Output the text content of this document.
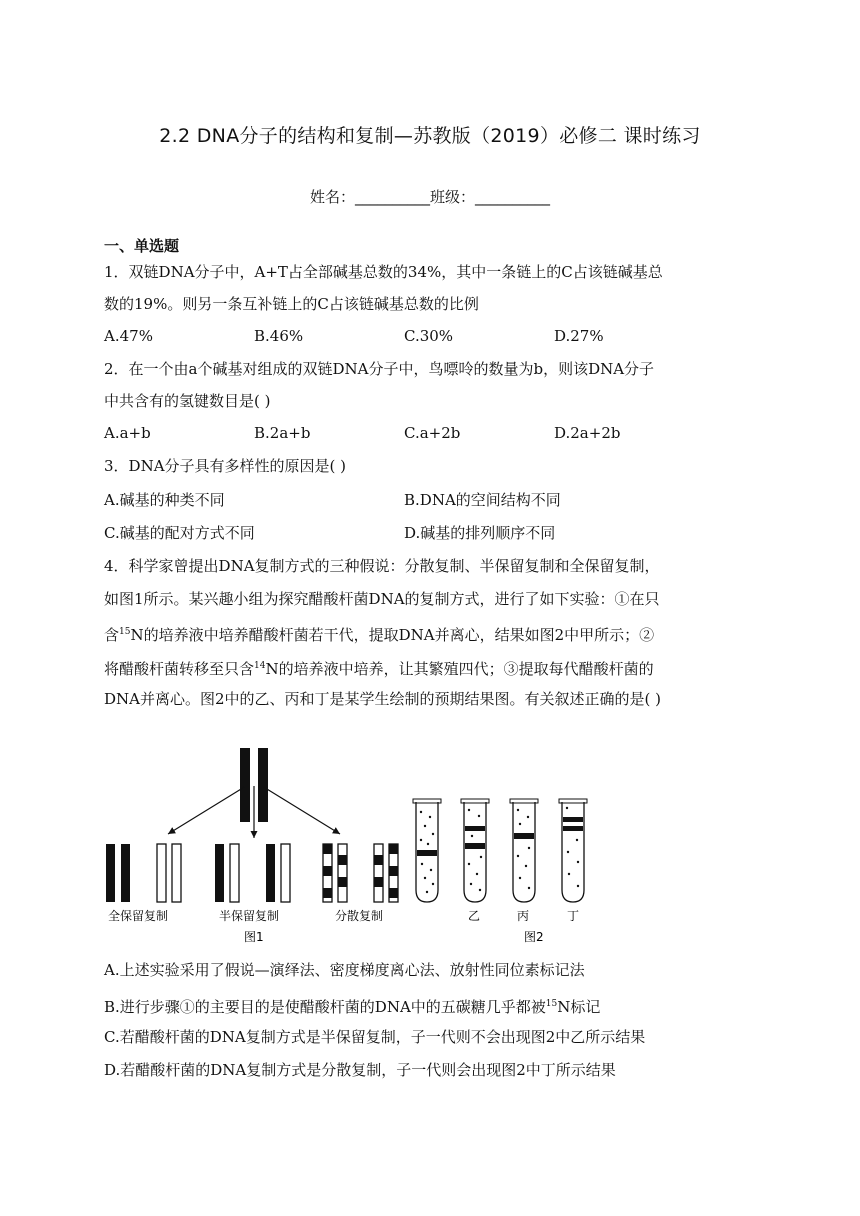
2.2 DNA分子的结构和复制—苏教版（2019）必修二 课时练习
姓名：__________班级：__________
一、单选题
1．双链DNA分子中，A+T占全部碱基总数的34%，其中一条链上的C占该链碱基总
数的19%。则另一条互补链上的C占该链碱基总数的比例
A.47%	B.46%	C.30%	D.27%
2．在一个由a个碱基对组成的双链DNA分子中，鸟嘌呤的数量为b，则该DNA分子
中共含有的氢键数目是( )
A.a+b	B.2a+b	C.a+2b	D.2a+2b
3．DNA分子具有多样性的原因是( )
A.碱基的种类不同	B.DNA的空间结构不同
C.碱基的配对方式不同	D.碱基的排列顺序不同
4．科学家曾提出DNA复制方式的三种假说：分散复制、半保留复制和全保留复制，
如图1所示。某兴趣小组为探究醋酸杆菌DNA的复制方式，进行了如下实验：①在只
含$^{15}$N的培养液中培养醋酸杆菌若干代，提取DNA并离心，结果如图2中甲所示；②
将醋酸杆菌转移至只含$^{14}$N的培养液中培养，让其繁殖四代；③提取每代醋酸杆菌的
DNA并离心。图2中的乙、丙和丁是某学生绘制的预期结果图。有关叙述正确的是( )
全保留复制	半保留复制	分散复制
图1
乙	丙	丁
图2
A.上述实验采用了假说—演绎法、密度梯度离心法、放射性同位素标记法
B.进行步骤①的主要目的是使醋酸杆菌的DNA中的五碳糖几乎都被$^{15}$N标记
C.若醋酸杆菌的DNA复制方式是半保留复制，子一代则不会出现图2中乙所示结果
D.若醋酸杆菌的DNA复制方式是分散复制，子一代则会出现图2中丁所示结果
